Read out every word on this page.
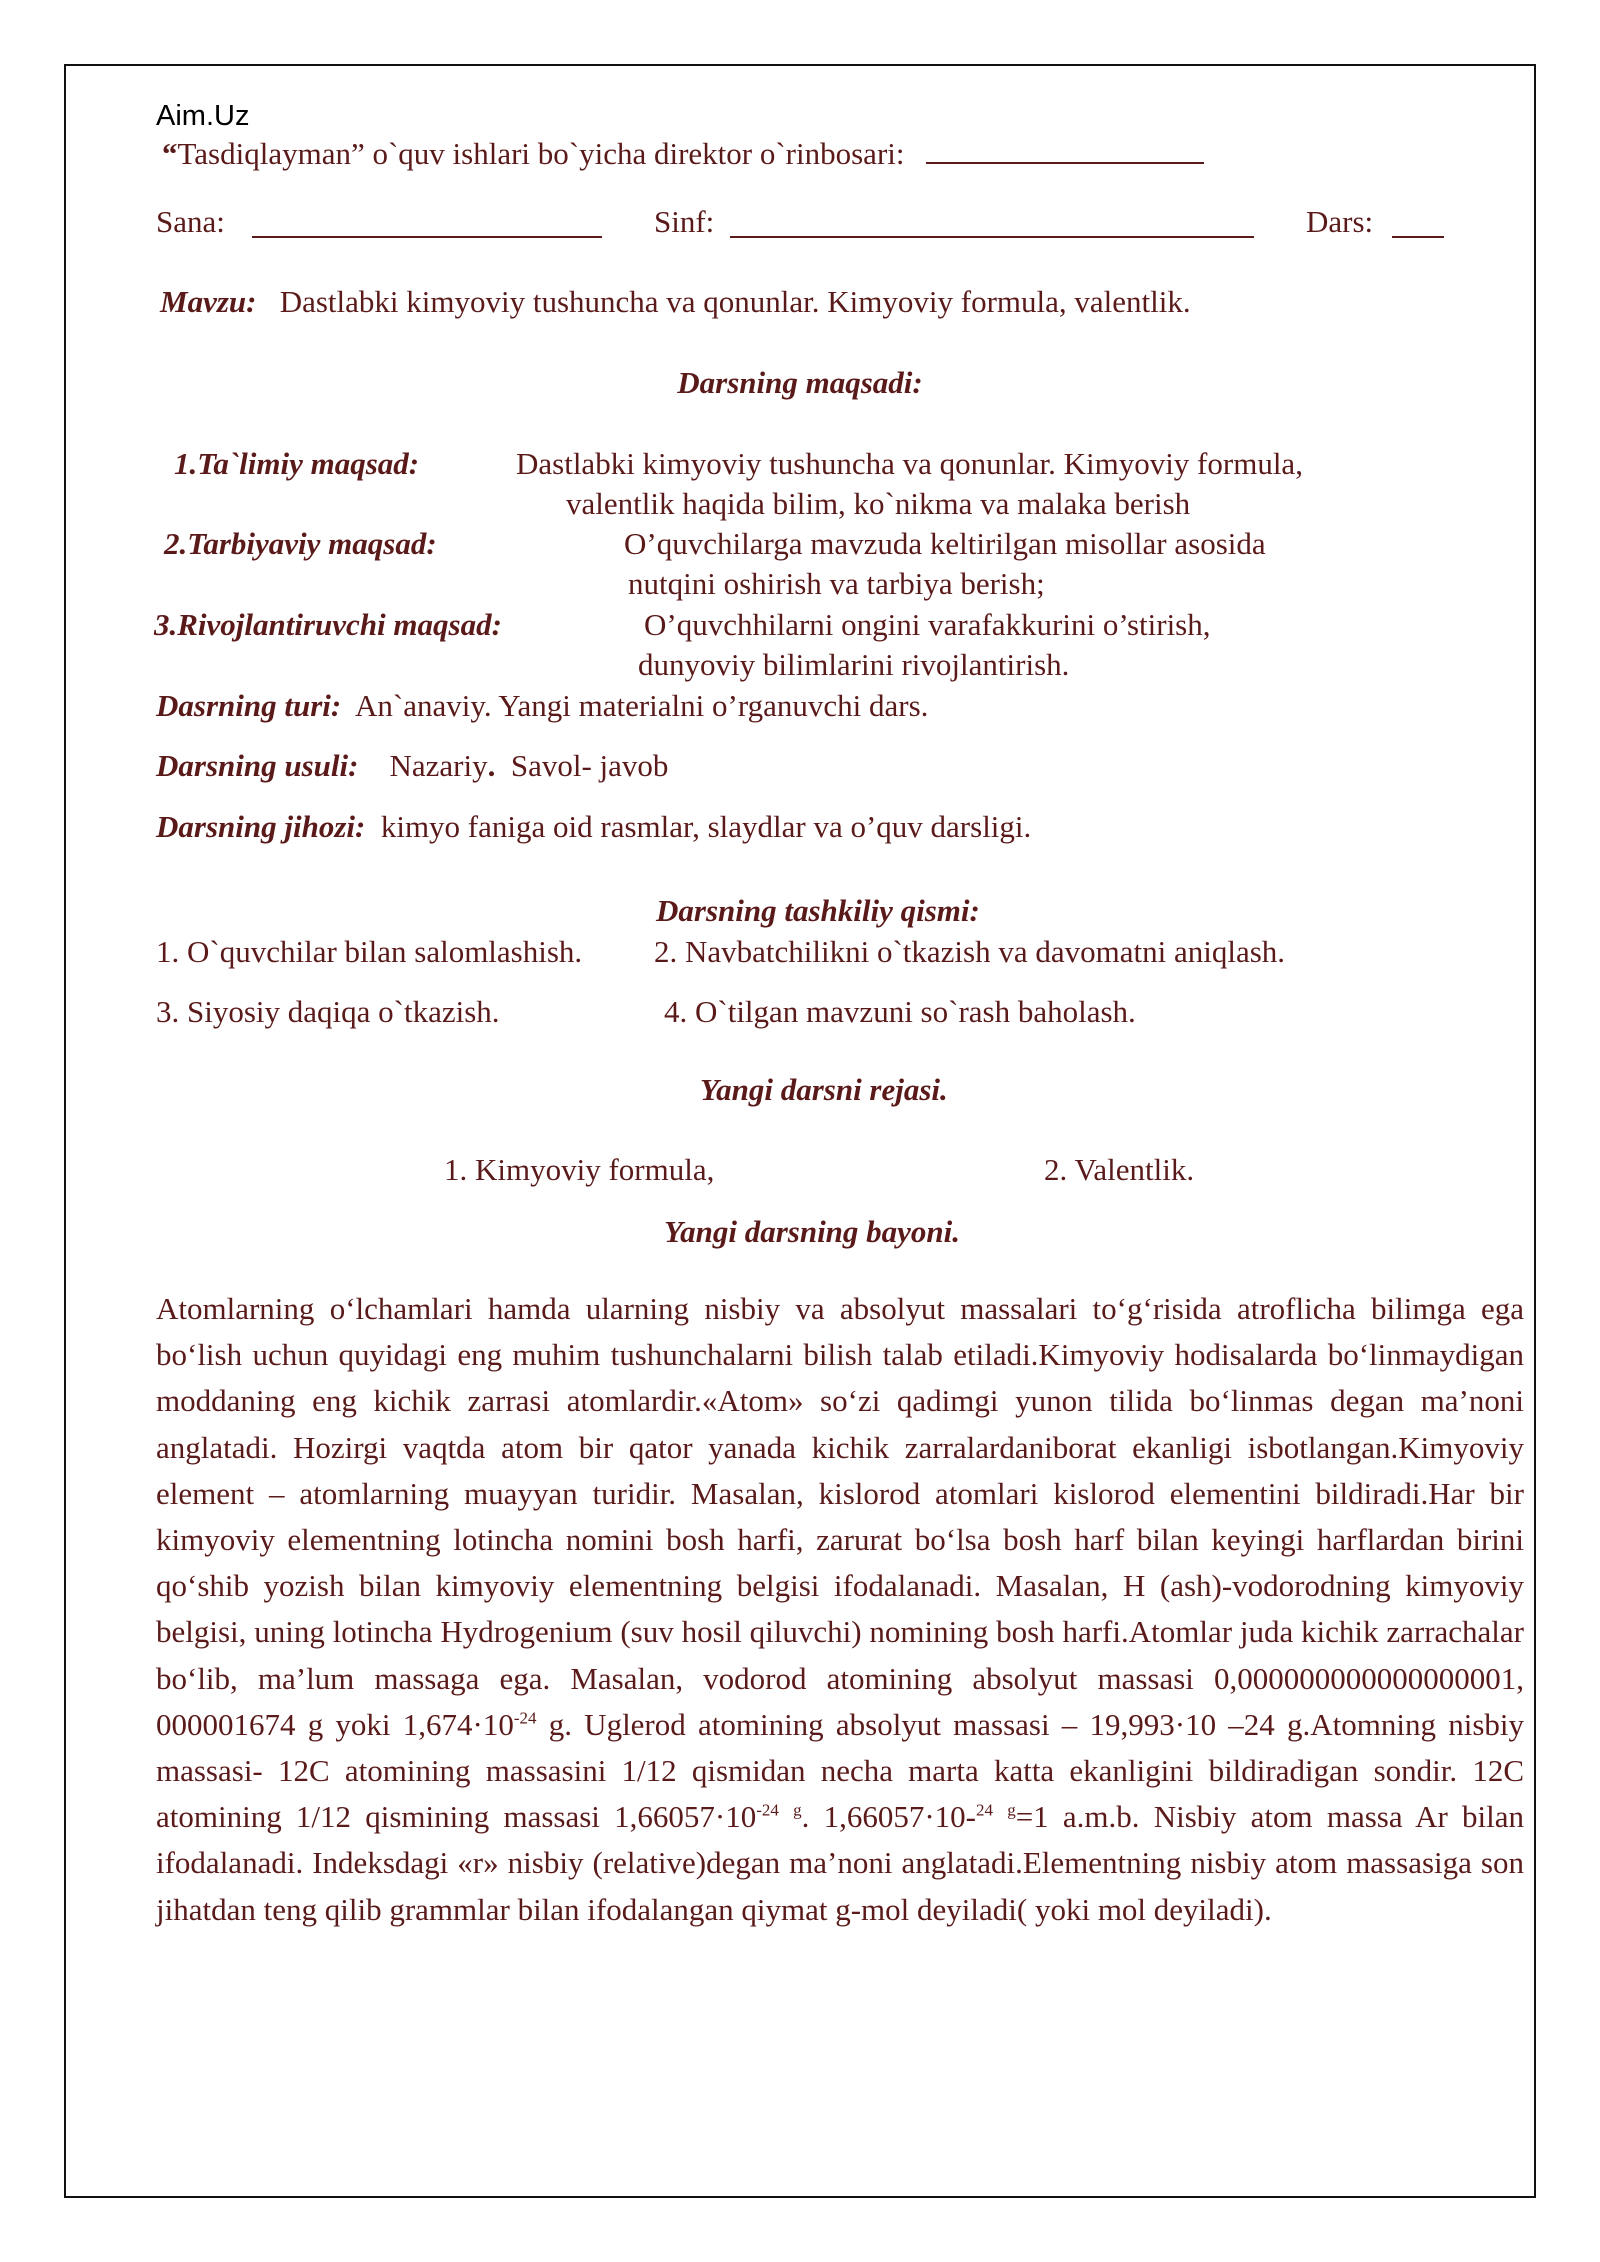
Aim.Uz
“Tasdiqlayman” o`quv ishlari bo`yicha direktor o`rinbosari:
Sana:	Sinf:	Dars:
Mavzu: Dastlabki kimyoviy tushuncha va qonunlar. Kimyoviy formula, valentlik.
Darsning maqsadi:
1.Ta`limiy maqsad:	Dastlabki kimyoviy tushuncha va qonunlar. Kimyoviy formula,
valentlik haqida bilim, ko`nikma va malaka berish
2.Tarbiyaviy maqsad:	O’quvchilarga mavzuda keltirilgan misollar asosida
nutqini oshirish va tarbiya berish;
3.Rivojlantiruvchi maqsad:	O’quvchhilarni ongini varafakkurini o’stirish,
dunyoviy bilimlarini rivojlantirish.
Dasrning turi: An`anaviy. Yangi materialni o’rganuvchi dars.
Darsning usuli: Nazariy. Savol- javob
Darsning jihozi: kimyo faniga oid rasmlar, slaydlar va o’quv darsligi.
Darsning tashkiliy qismi:
1. O`quvchilar bilan salomlashish. 2. Navbatchilikni o`tkazish va davomatni aniqlash.
3. Siyosiy daqiqa o`tkazish.	4. O`tilgan mavzuni so`rash baholash.
Yangi darsni rejasi.
1. Kimyoviy formula,	2. Valentlik.
Yangi darsning bayoni.
Atomlarning o‘lchamlari hamda ularning nisbiy va absolyut massalari to‘g‘risida atroflicha bilimga ega bo‘lish uchun quyidagi eng muhim tushunchalarni bilish talab etiladi.Kimyoviy hodisalarda bo‘linmaydigan moddaning eng kichik zarrasi atomlardir.«Atom» so‘zi qadimgi yunon tilida bo‘linmas degan ma’noni anglatadi. Hozirgi vaqtda atom bir qator yanada kichik zarralardaniborat ekanligi isbotlangan.Kimyoviy element – atomlarning muayyan turidir. Masalan, kislorod atomlari kislorod elementini bildiradi.Har bir kimyoviy elementning lotincha nomini bosh harfi, zarurat bo‘lsa bosh harf bilan keyingi harflardan birini qo‘shib yozish bilan kimyoviy elementning belgisi ifodalanadi. Masalan, H (ash)-vodorodning kimyoviy belgisi, uning lotincha Hydrogenium (suv hosil qiluvchi) nomining bosh harfi.Atomlar juda kichik zarrachalar bo‘lib, ma’lum massaga ega. Masalan, vodorod atomining absolyut massasi 0,000000000000000001, 000001674 g yoki $1,674\cdot 10^{-24}$ g. Uglerod atomining absolyut massasi – 19,993·10 –24 g.Atomning nisbiy massasi- 12C atomining massasini 1/12 qismidan necha marta katta ekanligini bildiradigan sondir. 12C atomining 1/12 qismining massasi $1,66057\cdot 10^{-24}$ $^g$. 1,66057·10-$^{24}$ $^g$=1 a.m.b. Nisbiy atom massa Ar bilan ifodalanadi. Indeksdagi «r» nisbiy (relative)degan ma’noni anglatadi.Elementning nisbiy atom massasiga son jihatdan teng qilib grammlar bilan ifodalangan qiymat g-mol deyiladi( yoki mol deyiladi).
